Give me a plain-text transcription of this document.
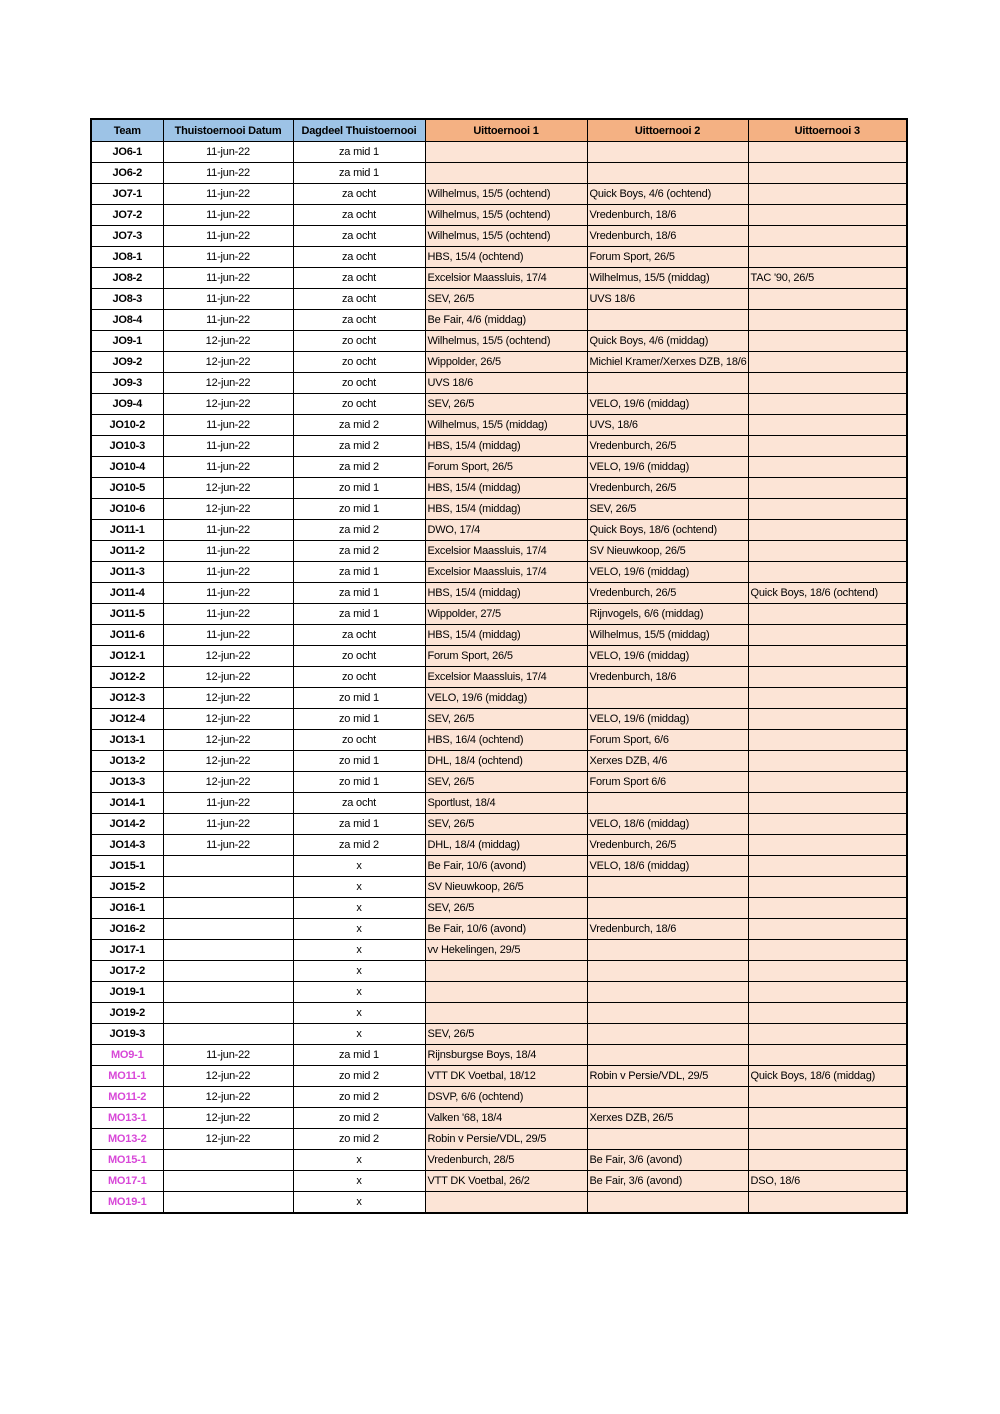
Team	Thuistoernooi Datum	Dagdeel Thuistoernooi	Uittoernooi 1	Uittoernooi 2	Uittoernooi 3
JO6-1	11-jun-22	za mid 1			
JO6-2	11-jun-22	za mid 1			
JO7-1	11-jun-22	za ocht	Wilhelmus, 15/5 (ochtend)	Quick Boys, 4/6 (ochtend)	
JO7-2	11-jun-22	za ocht	Wilhelmus, 15/5 (ochtend)	Vredenburch, 18/6	
JO7-3	11-jun-22	za ocht	Wilhelmus, 15/5 (ochtend)	Vredenburch, 18/6	
JO8-1	11-jun-22	za ocht	HBS, 15/4 (ochtend)	Forum Sport, 26/5	
JO8-2	11-jun-22	za ocht	Excelsior Maassluis, 17/4	Wilhelmus, 15/5 (middag)	TAC '90, 26/5
JO8-3	11-jun-22	za ocht	SEV, 26/5	UVS 18/6	
JO8-4	11-jun-22	za ocht	Be Fair, 4/6 (middag)		
JO9-1	12-jun-22	zo ocht	Wilhelmus, 15/5 (ochtend)	Quick Boys, 4/6 (middag)	
JO9-2	12-jun-22	zo ocht	Wippolder, 26/5	Michiel Kramer/Xerxes DZB, 18/6	
JO9-3	12-jun-22	zo ocht	UVS 18/6		
JO9-4	12-jun-22	zo ocht	SEV, 26/5	VELO, 19/6 (middag)	
JO10-2	11-jun-22	za mid 2	Wilhelmus, 15/5 (middag)	UVS, 18/6	
JO10-3	11-jun-22	za mid 2	HBS, 15/4 (middag)	Vredenburch, 26/5	
JO10-4	11-jun-22	za mid 2	Forum Sport, 26/5	VELO, 19/6 (middag)	
JO10-5	12-jun-22	zo mid 1	HBS, 15/4 (middag)	Vredenburch, 26/5	
JO10-6	12-jun-22	zo mid 1	HBS, 15/4 (middag)	SEV, 26/5	
JO11-1	11-jun-22	za mid 2	DWO, 17/4	Quick Boys, 18/6 (ochtend)	
JO11-2	11-jun-22	za mid 2	Excelsior Maassluis, 17/4	SV Nieuwkoop, 26/5	
JO11-3	11-jun-22	za mid 1	Excelsior Maassluis, 17/4	VELO, 19/6 (middag)	
JO11-4	11-jun-22	za mid 1	HBS, 15/4 (middag)	Vredenburch, 26/5	Quick Boys, 18/6 (ochtend)
JO11-5	11-jun-22	za mid 1	Wippolder, 27/5	Rijnvogels, 6/6 (middag)	
JO11-6	11-jun-22	za ocht	HBS, 15/4 (middag)	Wilhelmus, 15/5 (middag)	
JO12-1	12-jun-22	zo ocht	Forum Sport, 26/5	VELO, 19/6 (middag)	
JO12-2	12-jun-22	zo ocht	Excelsior Maassluis, 17/4	Vredenburch, 18/6	
JO12-3	12-jun-22	zo mid 1	VELO, 19/6 (middag)		
JO12-4	12-jun-22	zo mid 1	SEV, 26/5	VELO, 19/6 (middag)	
JO13-1	12-jun-22	zo ocht	HBS, 16/4 (ochtend)	Forum Sport, 6/6	
JO13-2	12-jun-22	zo mid 1	DHL, 18/4 (ochtend)	Xerxes DZB, 4/6	
JO13-3	12-jun-22	zo mid 1	SEV, 26/5	Forum Sport 6/6	
JO14-1	11-jun-22	za ocht	Sportlust, 18/4		
JO14-2	11-jun-22	za mid 1	SEV, 26/5	VELO, 18/6 (middag)	
JO14-3	11-jun-22	za mid 2	DHL, 18/4 (middag)	Vredenburch, 26/5	
JO15-1		x	Be Fair, 10/6 (avond)	VELO, 18/6 (middag)	
JO15-2		x	SV Nieuwkoop, 26/5		
JO16-1		x	SEV, 26/5		
JO16-2		x	Be Fair, 10/6 (avond)	Vredenburch, 18/6	
JO17-1		x	vv Hekelingen, 29/5		
JO17-2		x			
JO19-1		x			
JO19-2		x			
JO19-3		x	SEV, 26/5		
MO9-1	11-jun-22	za mid 1	Rijnsburgse Boys, 18/4		
MO11-1	12-jun-22	zo mid 2	VTT DK Voetbal, 18/12	Robin v Persie/VDL, 29/5	Quick Boys, 18/6 (middag)
MO11-2	12-jun-22	zo mid 2	DSVP, 6/6 (ochtend)		
MO13-1	12-jun-22	zo mid 2	Valken '68, 18/4	Xerxes DZB, 26/5	
MO13-2	12-jun-22	zo mid 2	Robin v Persie/VDL, 29/5		
MO15-1		x	Vredenburch, 28/5	Be Fair, 3/6 (avond)	
MO17-1		x	VTT DK Voetbal, 26/2	Be Fair, 3/6 (avond)	DSO, 18/6
MO19-1		x			
